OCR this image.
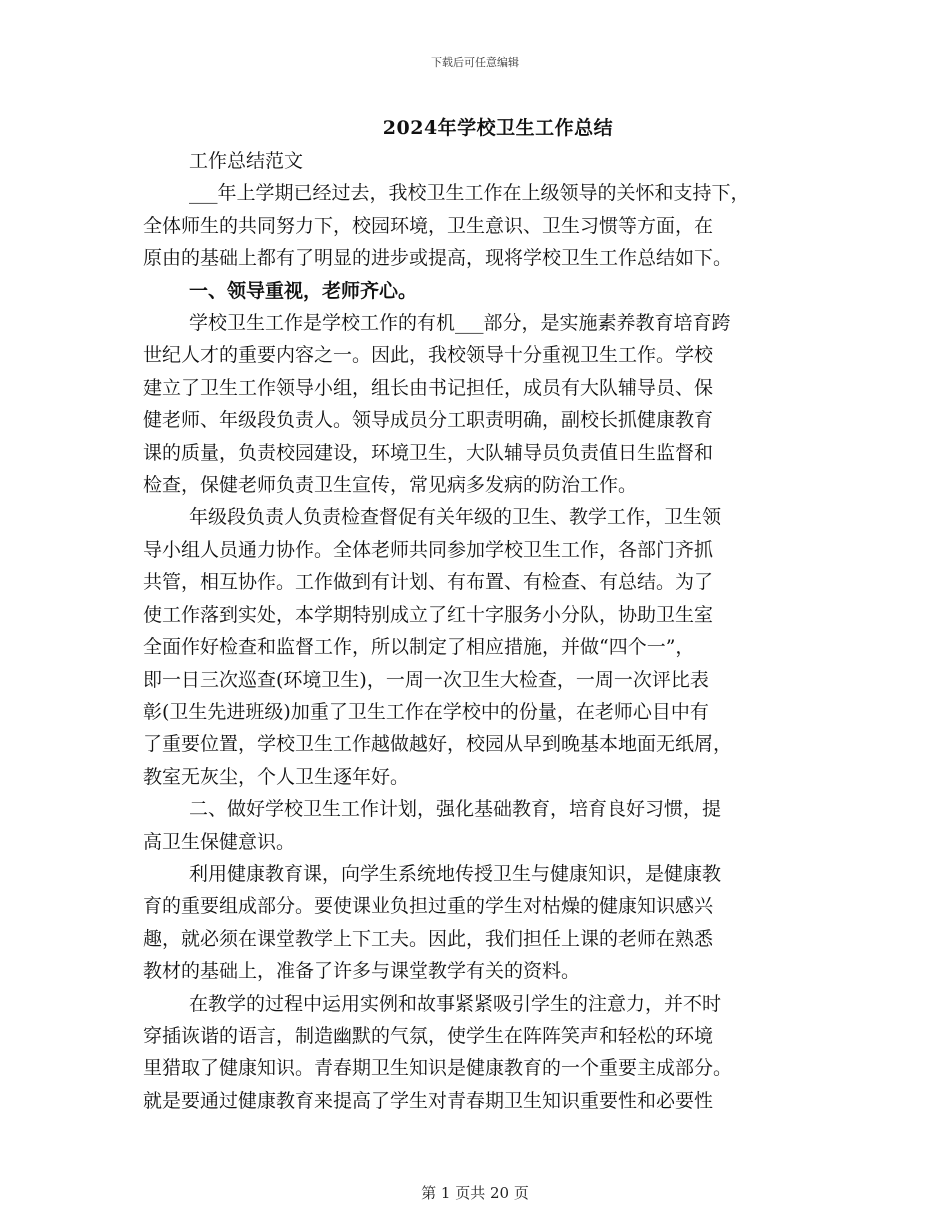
下载后可任意编辑
2024年学校卫生工作总结
工作总结范文
___年上学期已经过去，我校卫生工作在上级领导的关怀和支持下，
全体师生的共同努力下，校园环境，卫生意识、卫生习惯等方面，在
原由的基础上都有了明显的进步或提高，现将学校卫生工作总结如下。
一、领导重视，老师齐心。
学校卫生工作是学校工作的有机___部分，是实施素养教育培育跨
世纪人才的重要内容之一。因此，我校领导十分重视卫生工作。学校
建立了卫生工作领导小组，组长由书记担任，成员有大队辅导员、保
健老师、年级段负责人。领导成员分工职责明确，副校长抓健康教育
课的质量，负责校园建设，环境卫生，大队辅导员负责值日生监督和
检查，保健老师负责卫生宣传，常见病多发病的防治工作。
年级段负责人负责检查督促有关年级的卫生、教学工作，卫生领
导小组人员通力协作。全体老师共同参加学校卫生工作，各部门齐抓
共管，相互协作。工作做到有计划、有布置、有检查、有总结。为了
使工作落到实处，本学期特别成立了红十字服务小分队，协助卫生室
全面作好检查和监督工作，所以制定了相应措施，并做“四个一”，
即一日三次巡查(环境卫生)，一周一次卫生大检查，一周一次评比表
彰(卫生先进班级)加重了卫生工作在学校中的份量，在老师心目中有
了重要位置，学校卫生工作越做越好，校园从早到晚基本地面无纸屑，
教室无灰尘，个人卫生逐年好。
二、做好学校卫生工作计划，强化基础教育，培育良好习惯，提
高卫生保健意识。
利用健康教育课，向学生系统地传授卫生与健康知识，是健康教
育的重要组成部分。要使课业负担过重的学生对枯燥的健康知识感兴
趣，就必须在课堂教学上下工夫。因此，我们担任上课的老师在熟悉
教材的基础上，准备了许多与课堂教学有关的资料。
在教学的过程中运用实例和故事紧紧吸引学生的注意力，并不时
穿插诙谐的语言，制造幽默的气氛，使学生在阵阵笑声和轻松的环境
里猎取了健康知识。青春期卫生知识是健康教育的一个重要主成部分。
就是要通过健康教育来提高了学生对青春期卫生知识重要性和必要性
第 1 页共 20 页
